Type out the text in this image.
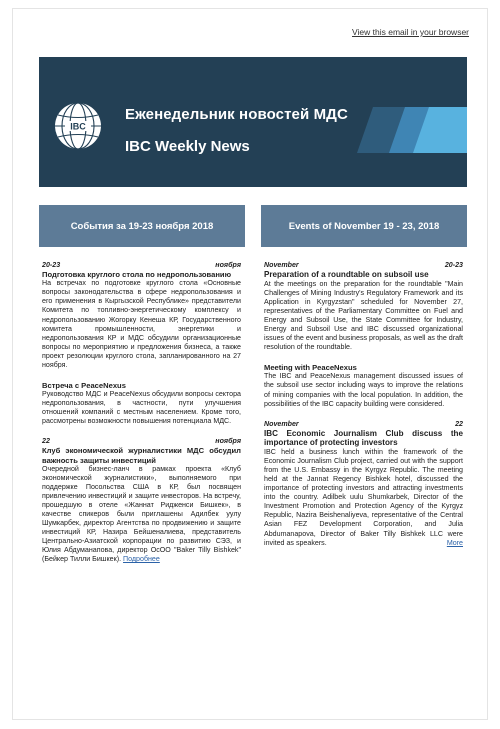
View this email in your browser
IBC
Еженедельник новостей МДС
IBC Weekly News
События за 19-23 ноября 2018
20-23	ноября
Подготовка круглого стола по недропользованию
На встречах по подготовке круглого стола «Основные вопросы законодательства в сфере недропользования и его применения в Кыргызской Республике» представители Комитета по топливно-энергетическому комплексу и недропользованию Жогорку Кенеша КР, Государственного комитета промышленности, энергетики и недропользования КР и МДС обсудили организационные вопросы по мероприятию и предложения бизнеса, а также проект резолюции круглого стола, запланированного на 27 ноября.
Встреча с PeaceNexus
Руководство МДС и PeaceNexus обсудили вопросы сектора недропользования, в частности, пути улучшения отношений компаний с местным населением. Кроме того, рассмотрены возможности повышения потенциала МДС.
22	ноября
Клуб экономической журналистики МДС обсудил важность защиты инвестиций
Очередной бизнес-ланч в рамках проекта «Клуб экономической журналистики», выполняемого при поддержке Посольства США в КР, был посвящен привлечению инвестиций и защите инвесторов. На встречу, прошедшую в отеле «Жаннат Ридженси Бишкек», в качестве спикеров были приглашены Адилбек уулу Шумкарбек, директор Агентства по продвижению и защите инвестиций КР, Назира Бейшеналиева, представитель Центрально-Азиатской корпорации по развитию СЭЗ, и Юлия Абдуманапова, директор ОсОО "Baker Tilly Bishkek" (Бейкер Тилли Бишкек). Подробнее
Events of November 19 - 23, 2018
November	20-23
Preparation of a roundtable on subsoil use
At the meetings on the preparation for the roundtable "Main Challenges of Mining Industry's Regulatory Framework and its Application in Kyrgyzstan" scheduled for November 27, representatives of the Parliamentary Committee on Fuel and Energy and Subsoil Use, the State Committee for Industry, Energy and Subsoil Use and IBC discussed organizational issues of the event and business proposals, as well as the draft resolution of the roundtable.
Meeting with PeaceNexus
The IBC and PeaceNexus management discussed issues of the subsoil use sector including ways to improve the relations of mining companies with the local population. In addition, the possibilities of the IBC capacity building were considered.
November	22
IBC Economic Journalism Club discuss the importance of protecting investors
IBC held a business lunch within the framework of the Economic Journalism Club project, carried out with the support from the U.S. Embassy in the Kyrgyz Republic. The meeting held at the Jannat Regency Bishkek hotel, discussed the importance of protecting investors and attracting investments into the country. Adilbek uulu Shumkarbek, Director of the Investment Promotion and Protection Agency of the Kyrgyz Republic, Nazira Beishenaliyeva, representative of the Central Asian FEZ Development Corporation, and Julia Abdumanapova, Director of Baker Tilly Bishkek LLC were invited as speakers.	More
